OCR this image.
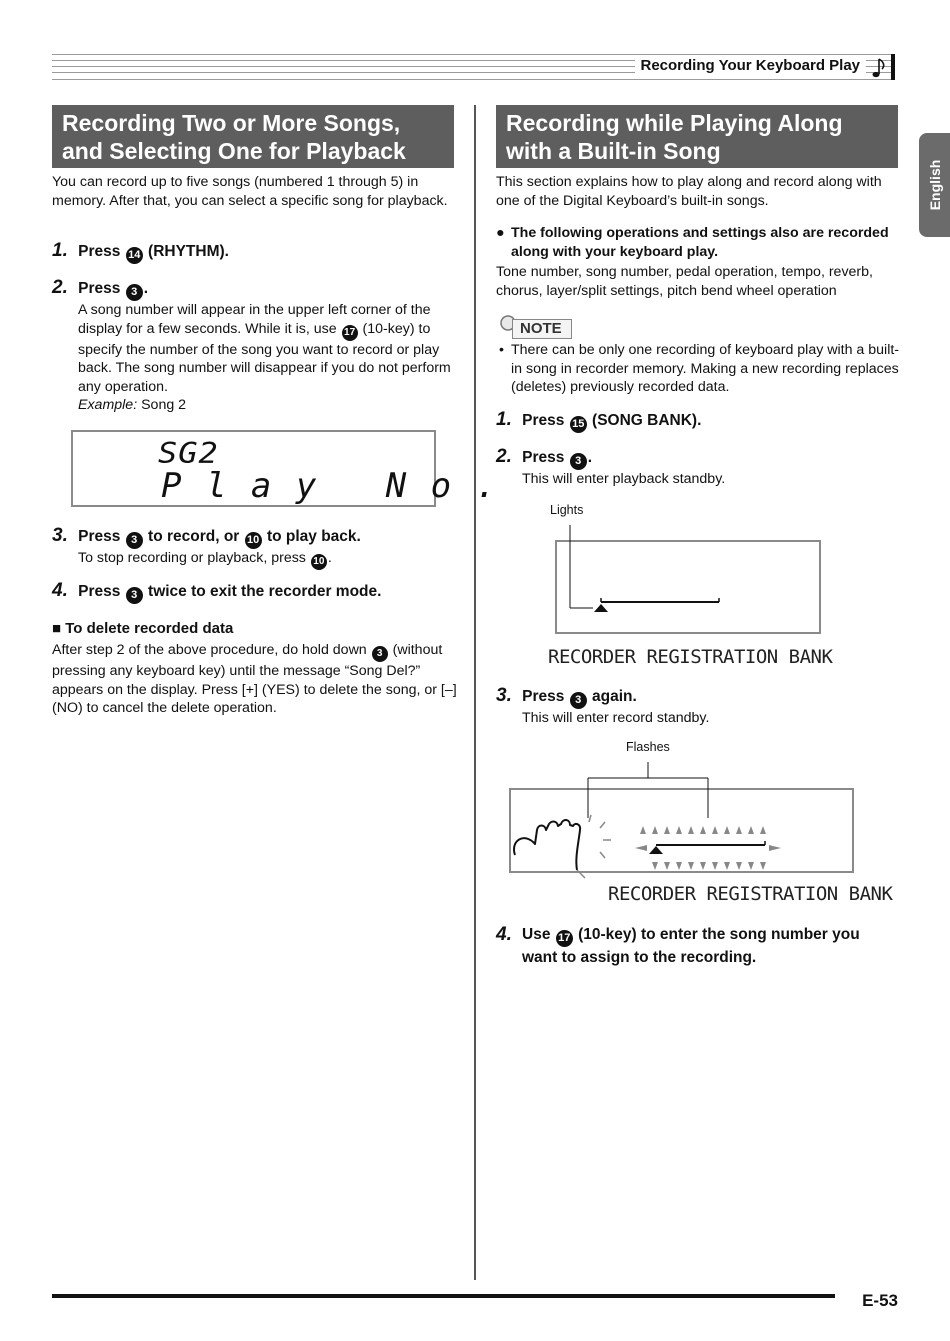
Recording Your Keyboard Play
English
Recording Two or More Songs,
and Selecting One for Playback

You can record up to five songs (numbered 1 through 5) in memory. After that, you can select a specific song for playback.

1. Press 14 (RHYTHM).
2. Press 3 .

A song number will appear in the upper left corner of the display for a few seconds. While it is, use 17 (10-key) to specify the number of the song you want to record or play back. The song number will disappear if you do not perform any operation.
Example: Song 2

SG2
P l a y   N o .
3. Press 3 to record, or 10 to play back.

To stop recording or playback, press 10 .

4. Press 3 twice to exit the recorder mode.
■ To delete recorded data

After step 2 of the above procedure, do hold down 3 (without pressing any keyboard key) until the message “Song Del?” appears on the display. Press [+] (YES) to delete the song, or [–] (NO) to cancel the delete operation.

Recording while Playing Along
with a Built-in Song

This section explains how to play along and record along with one of the Digital Keyboard’s built-in songs.

● The following operations and settings also are recorded along with your keyboard play.

Tone number, song number, pedal operation, tempo, reverb, chorus, layer/split settings, pitch bend wheel operation

NOTE
• There can be only one recording of keyboard play with a built-in song in recorder memory. Making a new recording replaces (deletes) previously recorded data.
1. Press 15 (SONG BANK).
2. Press 3 .

This will enter playback standby.

Lights
RECORDER REGISTRATION BANK
3. Press 3 again.

This will enter record standby.

Flashes
RECORDER REGISTRATION BANK
4. Use 17 (10-key) to enter the song number you want to assign to the recording.
E-53
